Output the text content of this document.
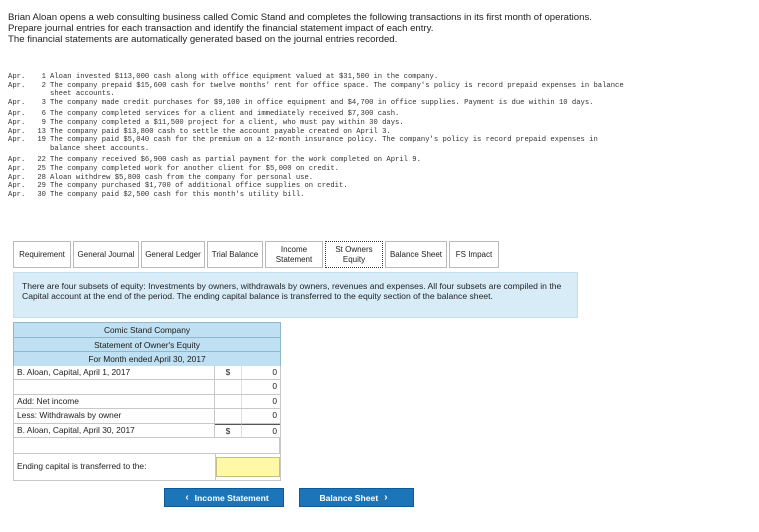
Brian Aloan opens a web consulting business called Comic Stand and completes the following transactions in its first month of operations.

Prepare journal entries for each transaction and identify the financial statement impact of each entry.

The financial statements are automatically generated based on the journal entries recorded.

Apr.	1 Aloan invested $113,000 cash along with office equipment valued at $31,500 in the company.
Apr.	2 The company prepaid $15,600 cash for twelve months' rent for office space. The company's policy is record prepaid expenses in balance sheet accounts.
Apr.	3 The company made credit purchases for $9,100 in office equipment and $4,700 in office supplies. Payment is due within 10 days.
Apr.	6 The company completed services for a client and immediately received $7,300 cash.
Apr.	9 The company completed a $11,500 project for a client, who must pay within 30 days.
Apr.	13 The company paid $13,800 cash to settle the account payable created on April 3.
Apr.	19 The company paid $5,040 cash for the premium on a 12-month insurance policy. The company's policy is record prepaid expenses in balance sheet accounts.
Apr.	22 The company received $6,900 cash as partial payment for the work completed on April 9.
Apr.	25 The company completed work for another client for $5,000 on credit.
Apr.	28 Aloan withdrew $5,800 cash from the company for personal use.
Apr.	29 The company purchased $1,700 of additional office supplies on credit.
Apr.	30 The company paid $2,500 cash for this month's utility bill.
Requirement	General Journal	General Ledger	Trial Balance
Income Statement
St Owners Equity
Balance Sheet	FS Impact
There are four subsets of equity: Investments by owners, withdrawals by owners, revenues and expenses. All four subsets are compiled in the Capital account at the end of the period. The ending capital balance is transferred to the equity section of the balance sheet.
Comic Stand Company
Statement of Owner's Equity
For Month ended April 30, 2017
B. Aloan, Capital, April 1, 2017	$	0
0
Add: Net income	0
Less: Withdrawals by owner	0
B. Aloan, Capital, April 30, 2017	$	0
Ending capital is transferred to the:
‹ Income Statement	Balance Sheet ›
